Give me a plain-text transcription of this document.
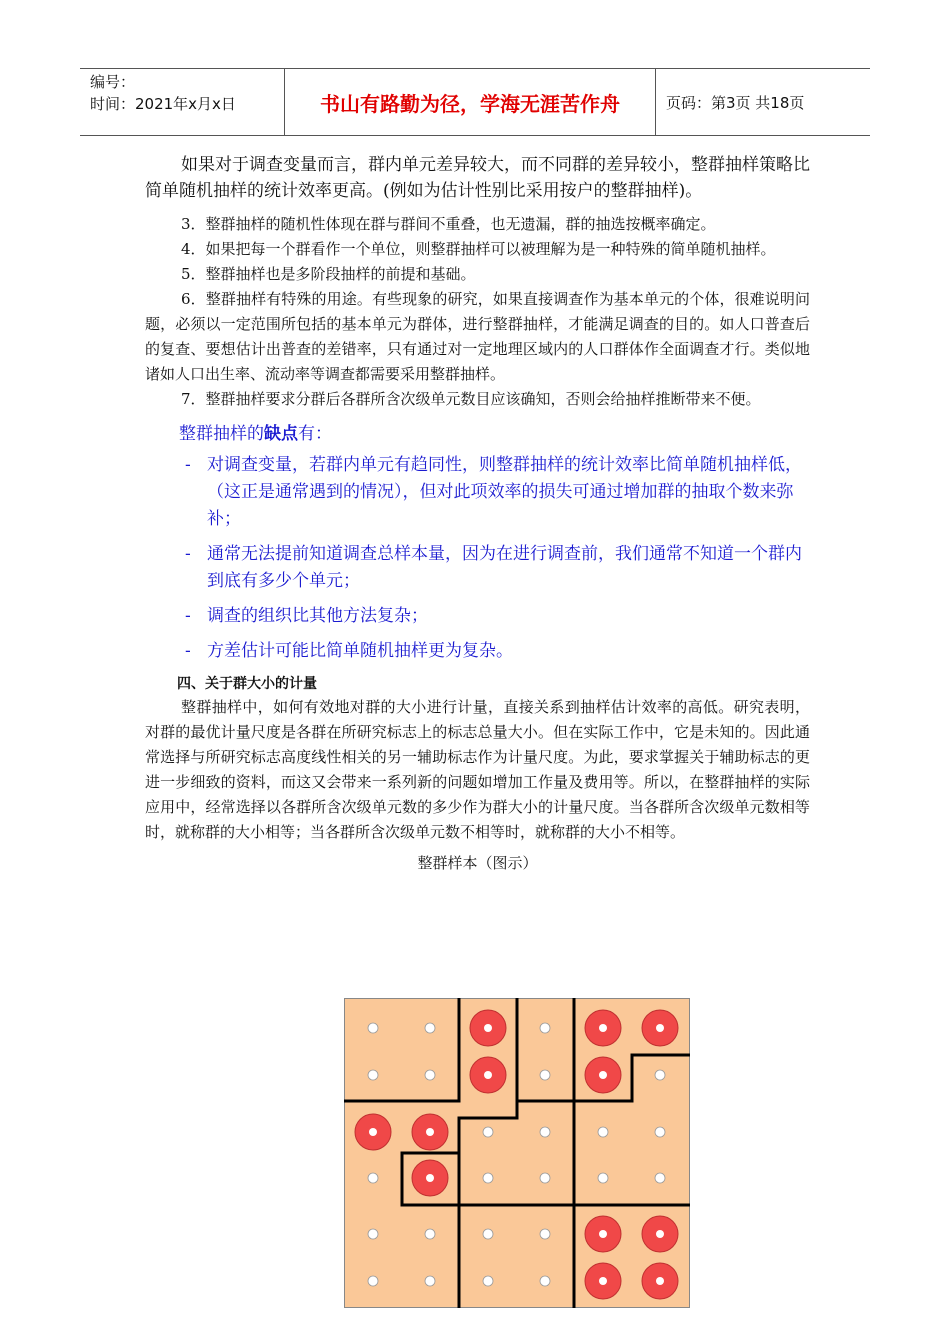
编号：
时间：2021年x月x日	书山有路勤为径，学海无涯苦作舟	页码：第3页 共18页

如果对于调查变量而言，群内单元差异较大，而不同群的差异较小，整群抽样策略比简单随机抽样的统计效率更高。(例如为估计性别比采用按户的整群抽样)。

3．整群抽样的随机性体现在群与群间不重叠，也无遗漏，群的抽选按概率确定。

4．如果把每一个群看作一个单位，则整群抽样可以被理解为是一种特殊的简单随机抽样。

5．整群抽样也是多阶段抽样的前提和基础。

6．整群抽样有特殊的用途。有些现象的研究，如果直接调查作为基本单元的个体，很难说明问题，必须以一定范围所包括的基本单元为群体，进行整群抽样，才能满足调查的目的。如人口普查后的复查、要想估计出普查的差错率，只有通过对一定地理区域内的人口群体作全面调查才行。类似地诸如人口出生率、流动率等调查都需要采用整群抽样。

7．整群抽样要求分群后各群所含次级单元数目应该确知，否则会给抽样推断带来不便。

整群抽样的缺点有：
- 对调查变量，若群内单元有趋同性，则整群抽样的统计效率比简单随机抽样低，（这正是通常遇到的情况），但对此项效率的损失可通过增加群的抽取个数来弥补；
- 通常无法提前知道调查总样本量，因为在进行调查前，我们通常不知道一个群内到底有多少个单元；
- 调查的组织比其他方法复杂；
- 方差估计可能比简单随机抽样更为复杂。
四、关于群大小的计量

整群抽样中，如何有效地对群的大小进行计量，直接关系到抽样估计效率的高低。研究表明，对群的最优计量尺度是各群在所研究标志上的标志总量大小。但在实际工作中，它是未知的。因此通常选择与所研究标志高度线性相关的另一辅助标志作为计量尺度。为此，要求掌握关于辅助标志的更进一步细致的资料，而这又会带来一系列新的问题如增加工作量及费用等。所以，在整群抽样的实际应用中，经常选择以各群所含次级单元数的多少作为群大小的计量尺度。当各群所含次级单元数相等时，就称群的大小相等；当各群所含次级单元数不相等时，就称群的大小不相等。

整群样本（图示）
